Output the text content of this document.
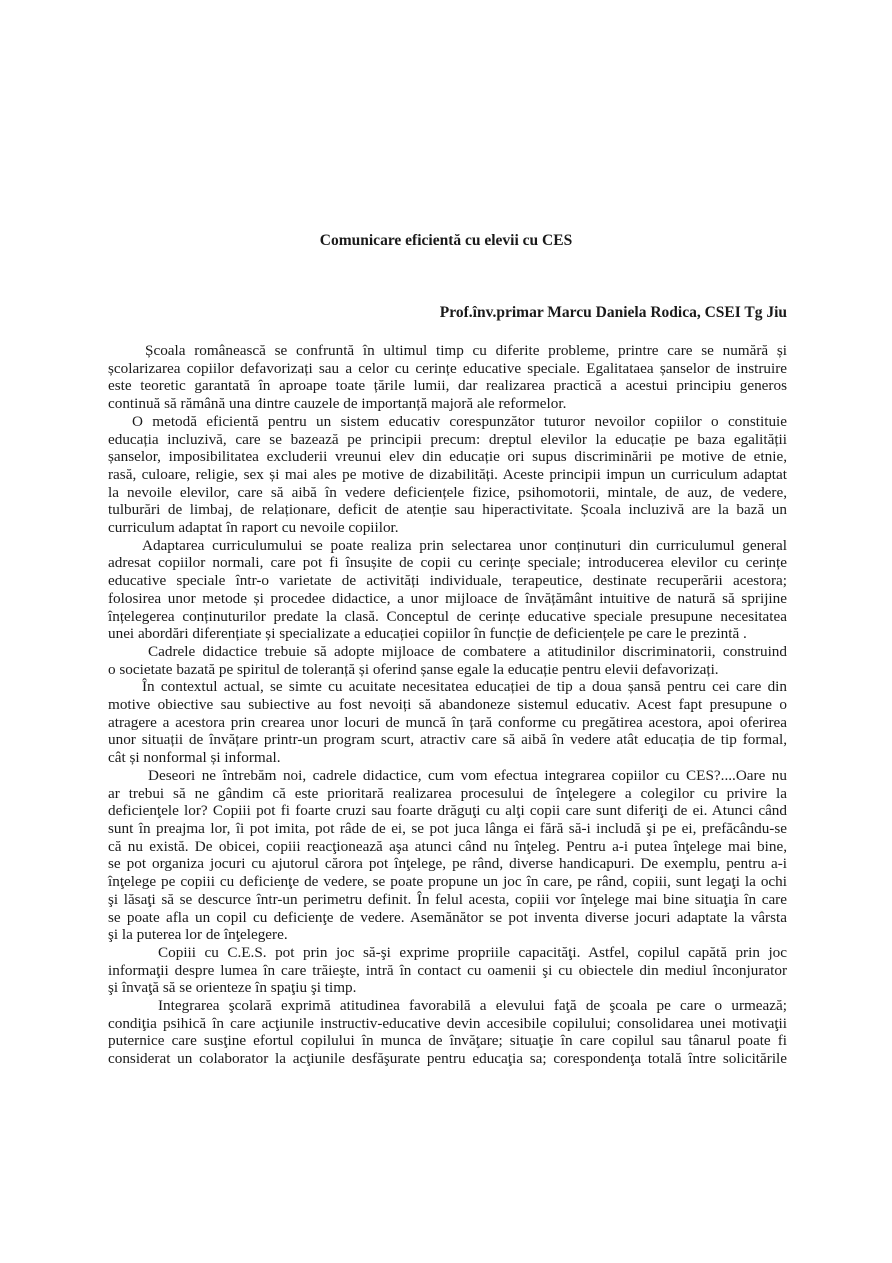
Comunicare eficientă cu elevii cu CES
Prof.înv.primar Marcu Daniela Rodica, CSEI Tg Jiu
Școala românească se confruntă în ultimul timp cu diferite probleme, printre care se numără și
școlarizarea copiilor defavorizați sau a celor cu cerințe educative speciale. Egalitataea șanselor de instruire
este teoretic garantată în aproape toate țările lumii, dar realizarea practică a acestui principiu generos
continuă să rămână una dintre cauzele de importanță majoră ale reformelor.
O metodă eficientă pentru un sistem educativ corespunzător tuturor nevoilor copiilor o constituie
educația incluzivă, care se bazează pe principii precum: dreptul elevilor la educație pe baza egalității
șanselor, imposibilitatea excluderii vreunui elev din educație ori supus discriminării pe motive de etnie,
rasă, culoare, religie, sex și mai ales pe motive de dizabilități. Aceste principii impun un curriculum adaptat
la nevoile elevilor, care să aibă în vedere deficiențele fizice, psihomotorii, mintale, de auz, de vedere,
tulburări de limbaj, de relaționare, deficit de atenție sau hiperactivitate. Școala incluzivă are la bază un
curriculum adaptat în raport cu nevoile copiilor.
Adaptarea curriculumului se poate realiza prin selectarea unor conținuturi din curriculumul general
adresat copiilor normali, care pot fi însușite de copii cu cerințe speciale; introducerea elevilor cu cerințe
educative speciale într-o varietate de activități individuale, terapeutice, destinate recuperării acestora;
folosirea unor metode și procedee didactice, a unor mijloace de învățământ intuitive de natură să sprijine
înțelegerea conținuturilor predate la clasă. Conceptul de cerințe educative speciale presupune necesitatea
unei abordări diferențiate și specializate a educației copiilor în funcție de deficiențele pe care le prezintă .
Cadrele didactice trebuie să adopte mijloace de combatere a atitudinilor discriminatorii, construind
o societate bazată pe spiritul de toleranță și oferind șanse egale la educație pentru elevii defavorizați.
În contextul actual, se simte cu acuitate necesitatea educației de tip a doua șansă pentru cei care din
motive obiective sau subiective au fost nevoiți să abandoneze sistemul educativ. Acest fapt presupune o
atragere a acestora prin crearea unor locuri de muncă în țară conforme cu pregătirea acestora, apoi oferirea
unor situații de învățare printr-un program scurt, atractiv care să aibă în vedere atât educația de tip formal,
cât și nonformal și informal.
Deseori ne întrebăm noi, cadrele didactice, cum vom efectua integrarea copiilor cu CES?....Oare nu
ar trebui să ne gândim că este prioritară realizarea procesului de înţelegere a colegilor cu privire la
deficienţele lor? Copiii pot fi foarte cruzi sau foarte drăguţi cu alţi copii care sunt diferiţi de ei. Atunci când
sunt în preajma lor, îi pot imita, pot râde de ei, se pot juca lânga ei fără să-i includă şi pe ei, prefăcându-se
că nu există. De obicei, copiii reacţionează aşa atunci când nu înţeleg. Pentru a-i putea înţelege mai bine,
se pot organiza jocuri cu ajutorul cărora pot înţelege, pe rând, diverse handicapuri. De exemplu, pentru a-i
înţelege pe copiii cu deficienţe de vedere, se poate propune un joc în care, pe rând, copiii, sunt legaţi la ochi
şi lăsaţi să se descurce într-un perimetru definit. În felul acesta, copiii vor înţelege mai bine situaţia în care
se poate afla un copil cu deficienţe de vedere. Asemănător se pot inventa diverse jocuri adaptate la vârsta
şi la puterea lor de înţelegere.
Copiii cu C.E.S. pot prin joc să-şi exprime propriile capacităţi. Astfel, copilul capătă prin joc
informaţii despre lumea în care trăieşte, intră în contact cu oamenii şi cu obiectele din mediul înconjurator
şi învaţă să se orienteze în spaţiu şi timp.
Integrarea şcolară exprimă atitudinea favorabilă a elevului faţă de şcoala pe care o urmează;
condiţia psihică în care acţiunile instructiv-educative devin accesibile copilului; consolidarea unei motivaţii
puternice care susţine efortul copilului în munca de învăţare; situaţie în care copilul sau tânarul poate fi
considerat un colaborator la acţiunile desfăşurate pentru educaţia sa; corespondenţa totală între solicitările
